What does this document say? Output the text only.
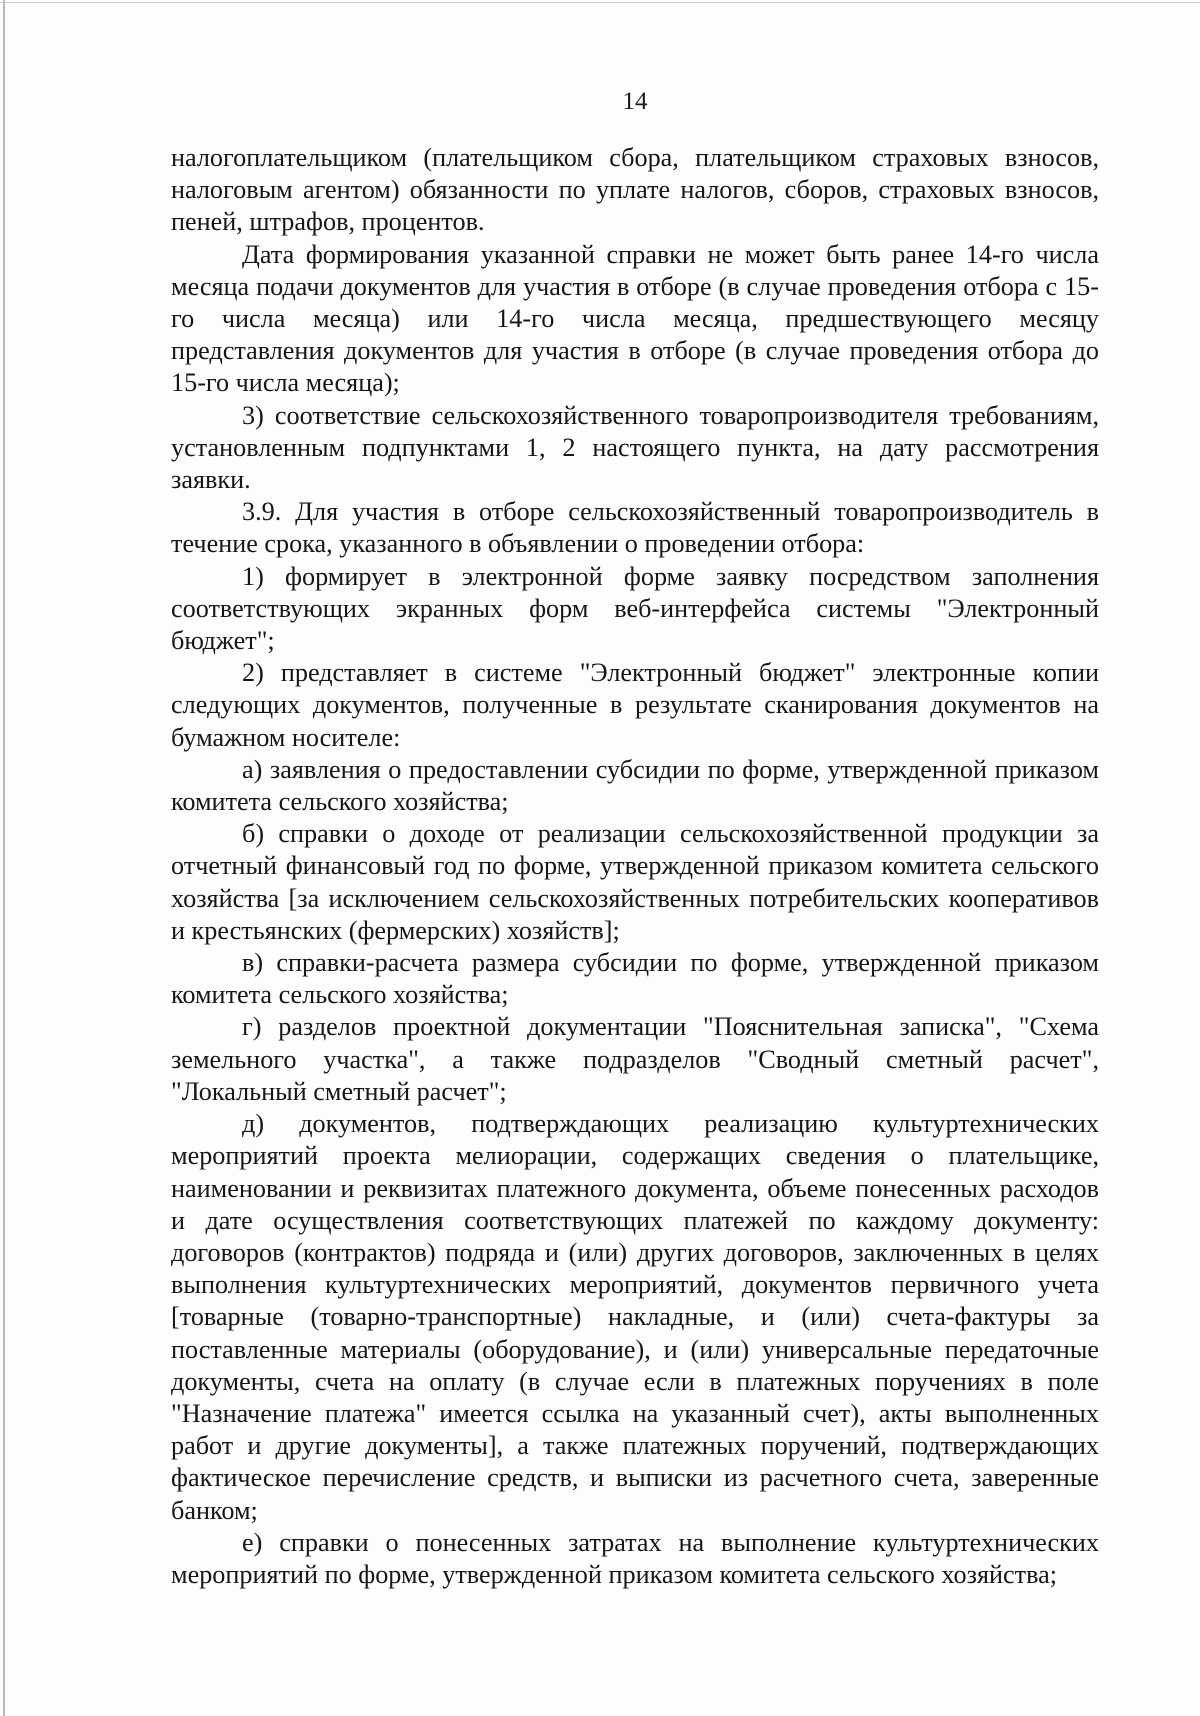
14

налогоплательщиком (плательщиком сбора, плательщиком страховых взносов, налоговым агентом) обязанности по уплате налогов, сборов, страховых взносов, пеней, штрафов, процентов.

Дата формирования указанной справки не может быть ранее 14-го числа месяца подачи документов для участия в отборе (в случае проведения отбора с 15-го числа месяца) или 14-го числа месяца, предшествующего месяцу представления документов для участия в отборе (в случае проведения отбора до 15-го числа месяца);

3) соответствие сельскохозяйственного товаропроизводителя требованиям, установленным подпунктами 1, 2 настоящего пункта, на дату рассмотрения заявки.

3.9. Для участия в отборе сельскохозяйственный товаропроизводитель в течение срока, указанного в объявлении о проведении отбора:

1) формирует в электронной форме заявку посредством заполнения соответствующих экранных форм веб-интерфейса системы "Электронный бюджет";

2) представляет в системе "Электронный бюджет" электронные копии следующих документов, полученные в результате сканирования документов на бумажном носителе:

а) заявления о предоставлении субсидии по форме, утвержденной приказом комитета сельского хозяйства;

б) справки о доходе от реализации сельскохозяйственной продукции за отчетный финансовый год по форме, утвержденной приказом комитета сельского хозяйства [за исключением сельскохозяйственных потребительских кооперативов и крестьянских (фермерских) хозяйств];

в) справки-расчета размера субсидии по форме, утвержденной приказом комитета сельского хозяйства;

г) разделов проектной документации "Пояснительная записка", "Схема земельного участка", а также подразделов "Сводный сметный расчет", "Локальный сметный расчет";

д) документов, подтверждающих реализацию культуртехнических мероприятий проекта мелиорации, содержащих сведения о плательщике, наименовании и реквизитах платежного документа, объеме понесенных расходов и дате осуществления соответствующих платежей по каждому документу: договоров (контрактов) подряда и (или) других договоров, заключенных в целях выполнения культуртехнических мероприятий, документов первичного учета [товарные (товарно-транспортные) накладные, и (или) счета-фактуры за поставленные материалы (оборудование), и (или) универсальные передаточные документы, счета на оплату (в случае если в платежных поручениях в поле "Назначение платежа" имеется ссылка на указанный счет), акты выполненных работ и другие документы], а также платежных поручений, подтверждающих фактическое перечисление средств, и выписки из расчетного счета, заверенные банком;

е) справки о понесенных затратах на выполнение культуртехнических мероприятий по форме, утвержденной приказом комитета сельского хозяйства;
